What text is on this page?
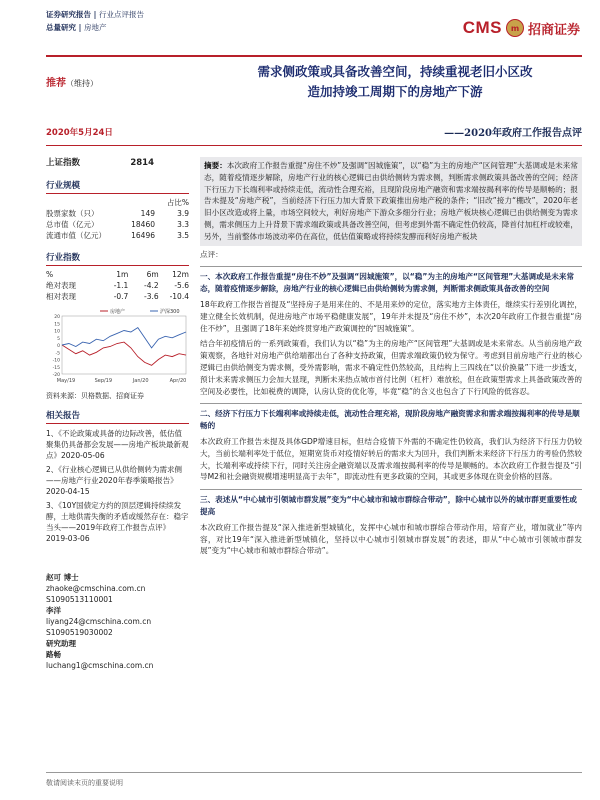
证券研究报告 | 行业点评报告
总量研究 | 房地产	CMS	m 招商证券
推荐（维持）
需求侧政策或具备改善空间，持续重视老旧小区改
造加持竣工周期下的房地产下游
2020年5月24日	——2020年政府工作报告点评
上证指数	2814
行业规模
占比%
股票家数（只）	149	3.9
总市值（亿元）	18460	3.3
流通市值（亿元）	16496	3.5
行业指数
%	1m	6m	12m
绝对表现	-1.1	-4.2	-5.6
相对表现	-0.7	-3.6	-10.4
20
15
10
5
0
-5
-10
-15
-20
May/19	Sep/19	Jan/20	Apr/20
房地产	沪深300
资料来源：贝格数据、招商证券
相关报告
1、《不论政策或具备的边际改善，低估值聚集仍具备都会发展——房地产板块最新观点》2020-05-06
2、《行业核心逻辑已从供给侧转为需求侧——房地产行业2020年春季策略报告》2020-04-15
3、《10Y国债定方约的顶层逻辑持续续发酵，土地供需失衡的矛盾或缓然存在：稳字当头——2019年政府工作报告点评》2019-03-06
赵可 博士
zhaoke@cmschina.com.cn
S1090513110001
李洋
liyang24@cmschina.com.cn
S1090519030002
研究助理
路畅
luchang1@cmschina.com.cn
摘要：本次政府工作报告重提“房住不炒”及强调“因城施策”，以“稳”为主的房地产“区间管理”大基调或是未来常态，随着疫情逐步解除，房地产行业的核心逻辑已由供给侧转为需求侧，判断需求侧政策具备改善的空间；经济下行压力下长端利率或持续走低，流动性合理充裕，且现阶段房地产融资和需求端按揭利率的传导是顺畅的；报告未提及“房地产税”，当前经济下行压力加大背景下政策推出房地产税的条件；“旧改”接力“棚改”，2020年老旧小区改造或将上量，市场空间较大，利好房地产下游众多细分行业；房地产板块核心逻辑已由供给侧变为需求侧，需求侧压力上升背景下需求端政策或具备改善空间，但考虑到外需不确定性仍较高，降首付加杠杆或较难，另外，当前整体市场波动率仍在高位，低估值策略或将持续发酵而利好房地产板块
点评：
一、本次政府工作报告重提“房住不炒”及强调“因城施策”，以“稳”为主的房地产“区间管理”大基调或是未来常态，随着疫情逐步解除，房地产行业的核心逻辑已由供给侧转为需求侧，判断需求侧政策具备改善的空间
18年政府工作报告首提及“坚持房子是用来住的、不是用来炒的定位，落实地方主体责任，继续实行差别化调控，建立健全长效机制，促进房地产市场平稳健康发展”，19年并未提及“房住不炒”，本次20年政府工作报告重提“房住不炒”，且强调了18年来始终贯穿地产政策调控的“因城施策”。
结合年初疫情后的一系列政策看，我们认为以“稳”为主的房地产“区间管理”大基调或是未来常态。从当前房地产政策观察，各地针对房地产供给端都出台了各种支持政策，但需求端政策仍较为保守。考虑到目前房地产行业的核心逻辑已由供给侧变为需求侧，受外需影响，需求不确定性仍然较高，且结构上三四线在“以价换量”下进一步透支，预计未来需求侧压力会加大显现，判断未来热点城市首付比例（杠杆）难放松，但在政策型需求上具备政策改善的空间及必要性，比如税费的调降，认房认贷的优化等，毕竟“稳”的含义也包含了下行风险的低容忍。
二、经济下行压力下长端利率或持续走低，流动性合理充裕，现阶段房地产融资需求和需求端按揭利率的传导是顺畅的
本次政府工作报告未提及具体GDP增速目标，但结合疫情下外需的不确定性仍较高，我们认为经济下行压力仍较大，当前长端利率处于低位，短期宽货币对疫情好转后的需求大为回升，我们判断未来经济下行压力的考验仍然较大，长端利率或持续下行，同时关注房企融资端以及需求端按揭利率的传导是顺畅的。本次政府工作报告提及“引导M2和社会融资规模增速明显高于去年”，即流动性有更多政策的空间，其或更多体现在资金价格的回落。
三、表述从“中心城市引领城市群发展”变为“中心城市和城市群综合带动”，除中心城市以外的城市群更重要性或提高
本次政府工作报告提及“深入推进新型城镇化，发挥中心城市和城市群综合带动作用，培育产业，增加就业”等内容，对比19年“深入推进新型城镇化，坚持以中心城市引领城市群发展”的表述，即从“中心城市引领城市群发展”变为“中心城市和城市群综合带动”。
敬请阅读末页的重要说明
